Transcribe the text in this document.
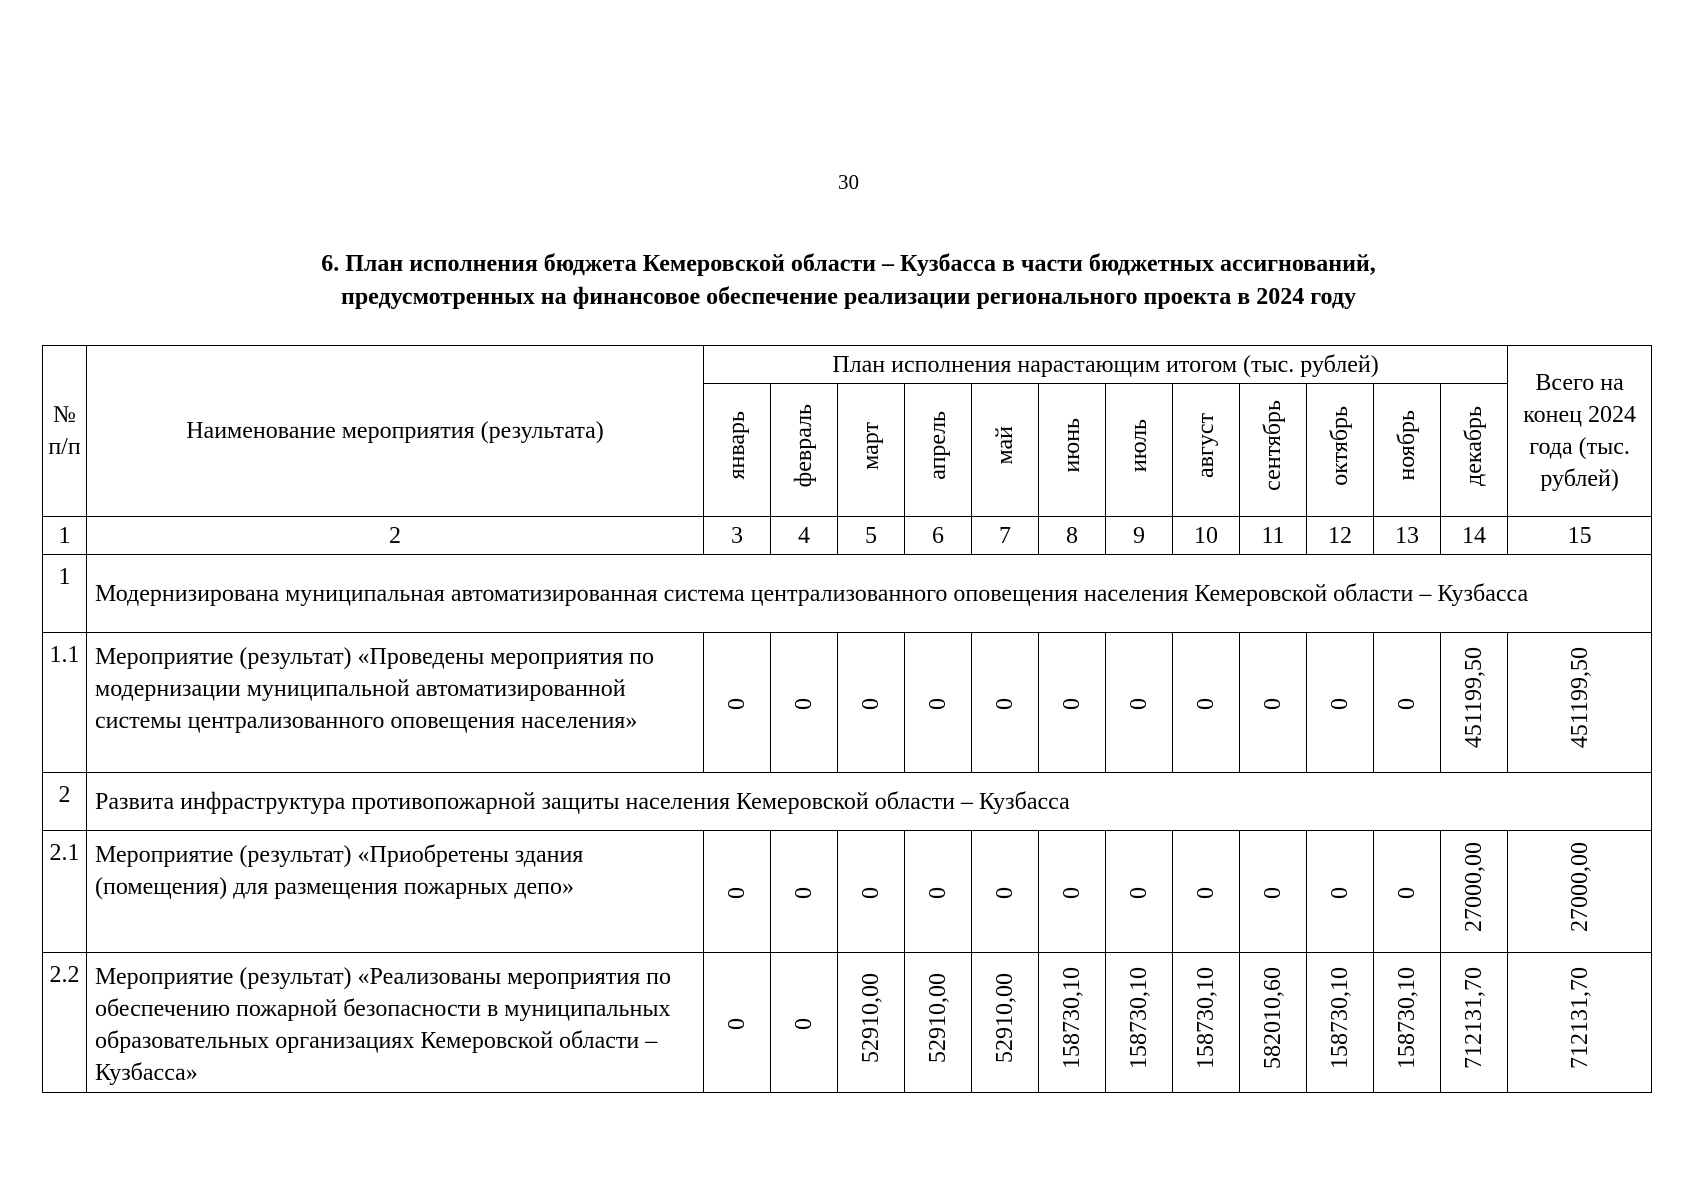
30
6. План исполнения бюджета Кемеровской области – Кузбасса в части бюджетных ассигнований,
предусмотренных на финансовое обеспечение реализации регионального проекта в 2024 году
№ п/п	Наименование мероприятия (результата)	План исполнения нарастающим итогом (тыс. рублей)												Всего на конец 2024 года (тыс. рублей)
		январь	февраль	март	апрель	май	июнь	июль	август	сентябрь	октябрь	ноябрь	декабрь	
1	2	3	4	5	6	7	8	9	10	11	12	13	14	15
1	Модернизирована муниципальная автоматизированная система централизованного оповещения населения Кемеровской области – Кузбасса													
1.1	Мероприятие (результат) «Проведены мероприятия по модернизации муниципальной автоматизированной системы централизованного оповещения населения»	0	0	0	0	0	0	0	0	0	0	0	451199,50	451199,50
2	Развита инфраструктура противопожарной защиты населения Кемеровской области – Кузбасса													
2.1	Мероприятие (результат) «Приобретены здания (помещения) для размещения пожарных депо»	0	0	0	0	0	0	0	0	0	0	0	27000,00	27000,00
2.2	Мероприятие (результат) «Реализованы мероприятия по обеспечению пожарной безопасности в муниципальных образовательных организациях Кемеровской области – Кузбасса»	0	0	52910,00	52910,00	52910,00	158730,10	158730,10	158730,10	582010,60	158730,10	158730,10	712131,70	712131,70
